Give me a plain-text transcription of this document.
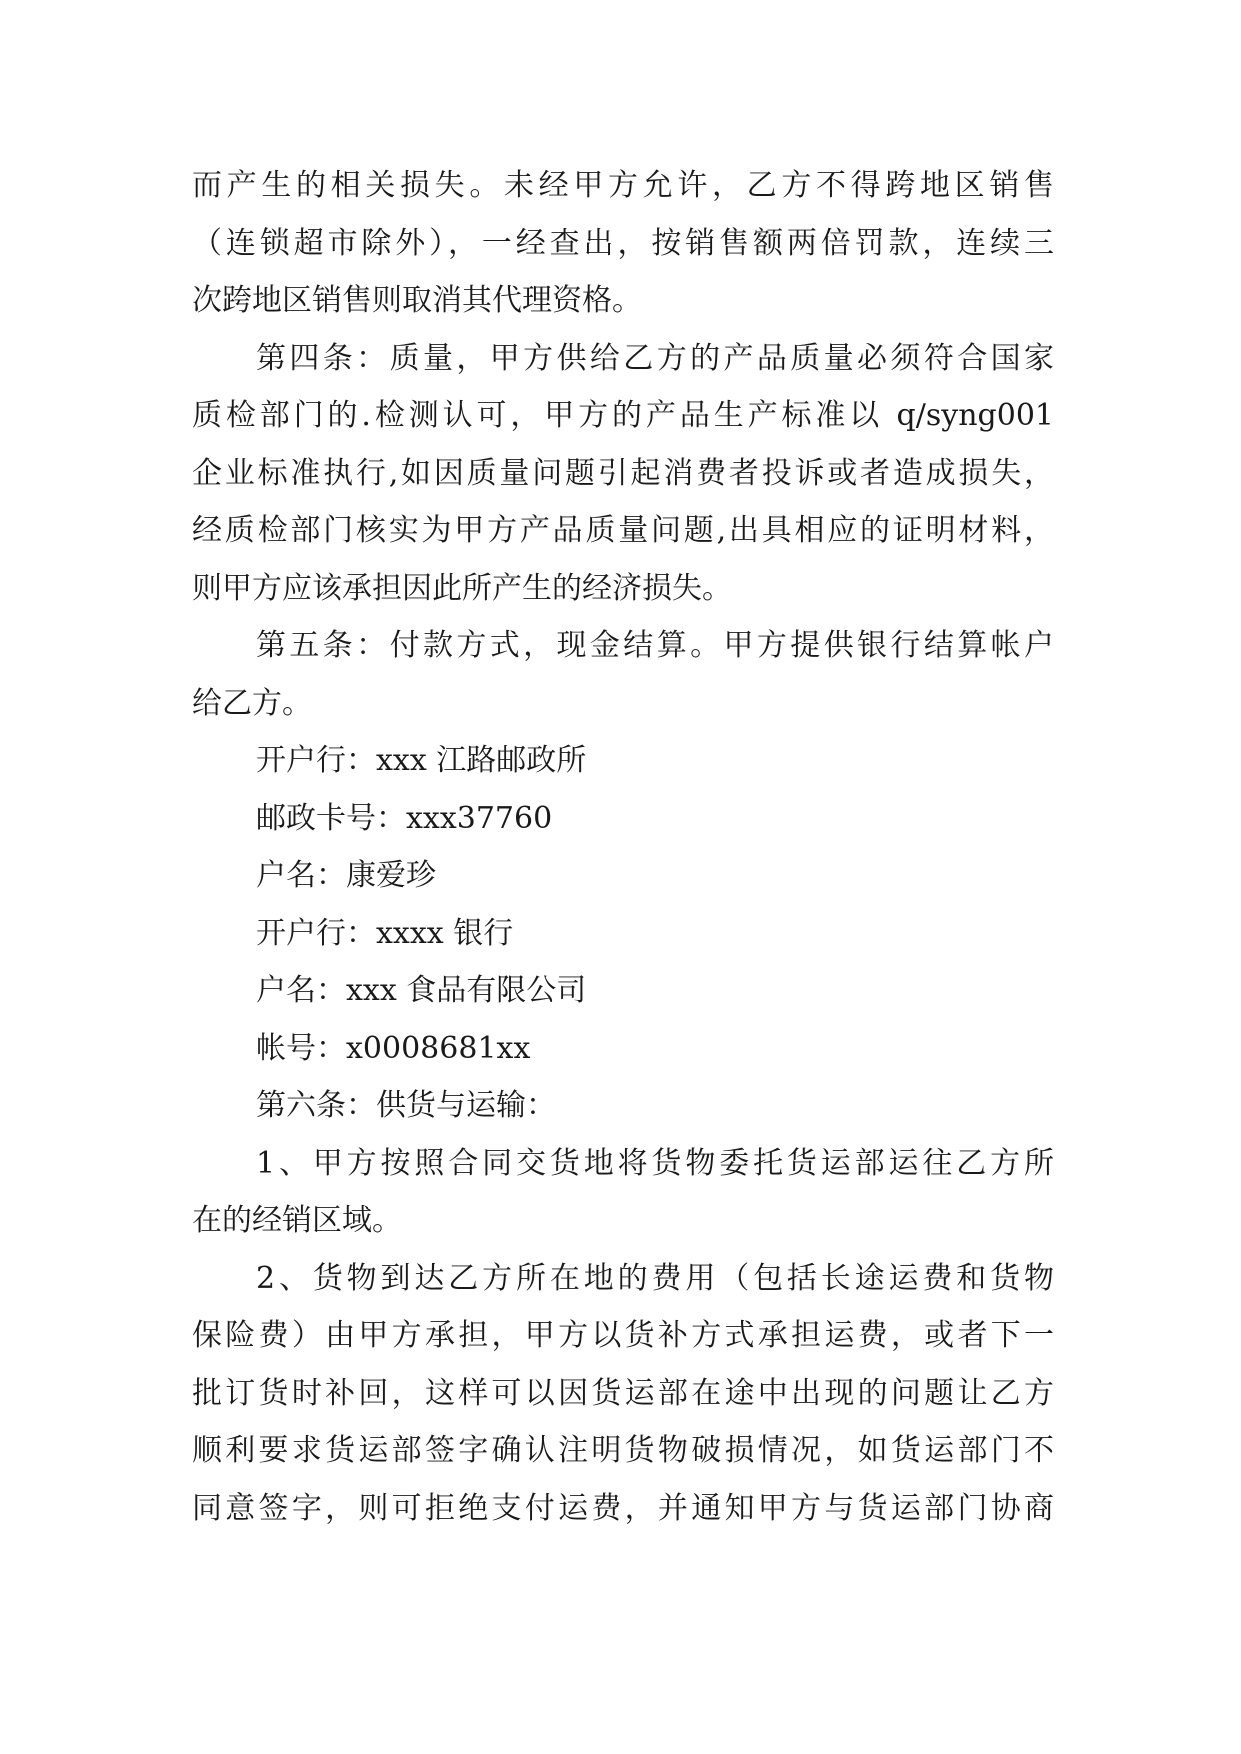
而产生的相关损失。未经甲方允许，乙方不得跨地区销售
（连锁超市除外），一经查出，按销售额两倍罚款，连续三
次跨地区销售则取消其代理资格。
第四条：质量，甲方供给乙方的产品质量必须符合国家
质检部门的.检测认可，甲方的产品生产标准以 q/syng001
企业标准执行,如因质量问题引起消费者投诉或者造成损失，
经质检部门核实为甲方产品质量问题,出具相应的证明材料，
则甲方应该承担因此所产生的经济损失。
第五条：付款方式，现金结算。甲方提供银行结算帐户
给乙方。
开户行：xxx 江路邮政所
邮政卡号：xxx37760
户名：康爱珍
开户行：xxxx 银行
户名：xxx 食品有限公司
帐号：x0008681xx
第六条：供货与运输：
1、甲方按照合同交货地将货物委托货运部运往乙方所
在的经销区域。
2、货物到达乙方所在地的费用（包括长途运费和货物
保险费）由甲方承担，甲方以货补方式承担运费，或者下一
批订货时补回，这样可以因货运部在途中出现的问题让乙方
顺利要求货运部签字确认注明货物破损情况，如货运部门不
同意签字，则可拒绝支付运费，并通知甲方与货运部门协商
